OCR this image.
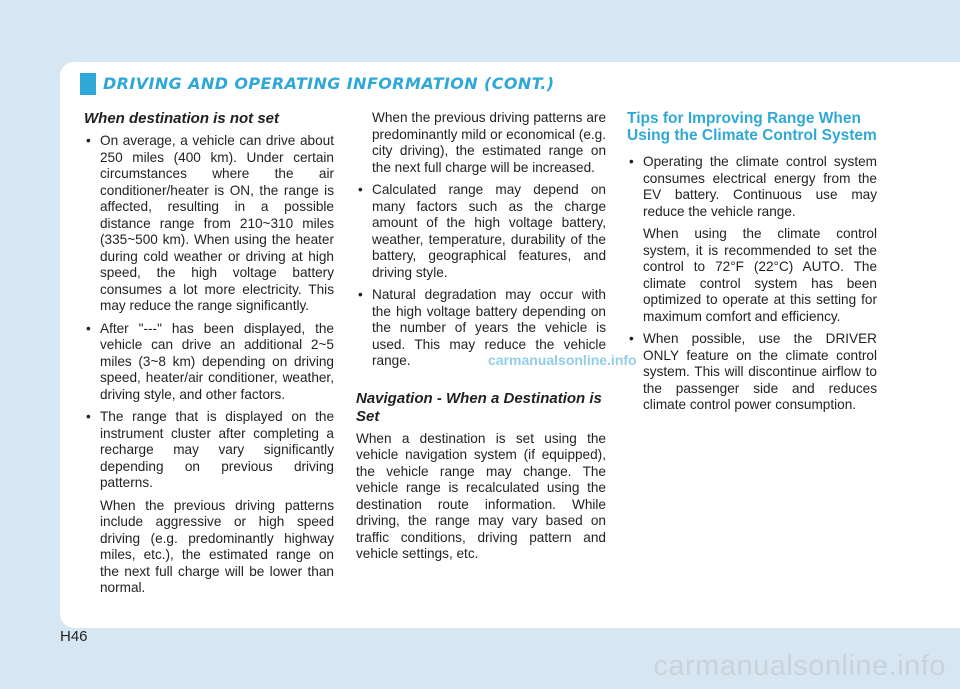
DRIVING AND OPERATING INFORMATION (CONT.)
When destination is not set
• On average, a vehicle can drive about 250 miles (400 km). Under certain circumstances where the air conditioner/heater is ON, the range is affected, resulting in a possible distance range from 210~310 miles (335~500 km). When using the heater during cold weather or driving at high speed, the high voltage battery consumes a lot more electricity. This may reduce the range significantly.
• After "---" has been displayed, the vehicle can drive an additional 2~5 miles (3~8 km) depending on driving speed, heater/air conditioner, weather, driving style, and other factors.
• The range that is displayed on the instrument cluster after completing a recharge may vary significantly depending on previous driving patterns.
When the previous driving patterns include aggressive or high speed driving (e.g. predominantly highway miles, etc.), the estimated range on the next full charge will be lower than normal.
When the previous driving patterns are predominantly mild or economical (e.g. city driving), the estimated range on the next full charge will be increased.
• Calculated range may depend on many factors such as the charge amount of the high voltage battery, weather, temperature, durability of the battery, geographical features, and driving style.
• Natural degradation may occur with the high voltage battery depending on the number of years the vehicle is used. This may reduce the vehicle range.
Navigation - When a Destination is Set

When a destination is set using the vehicle navigation system (if equipped), the vehicle range may change. The vehicle range is recalculated using the destination route information. While driving, the range may vary based on traffic conditions, driving pattern and vehicle settings, etc.

Tips for Improving Range When Using the Climate Control System
• Operating the climate control system consumes electrical energy from the EV battery. Continuous use may reduce the vehicle range.
When using the climate control system, it is recommended to set the control to 72°F (22°C) AUTO. The climate control system has been optimized to operate at this setting for maximum comfort and efficiency.
• When possible, use the DRIVER ONLY feature on the climate control system. This will discontinue airflow to the passenger side and reduces climate control power consumption.
carmanualsonline.info
H46
carmanualsonline.info
